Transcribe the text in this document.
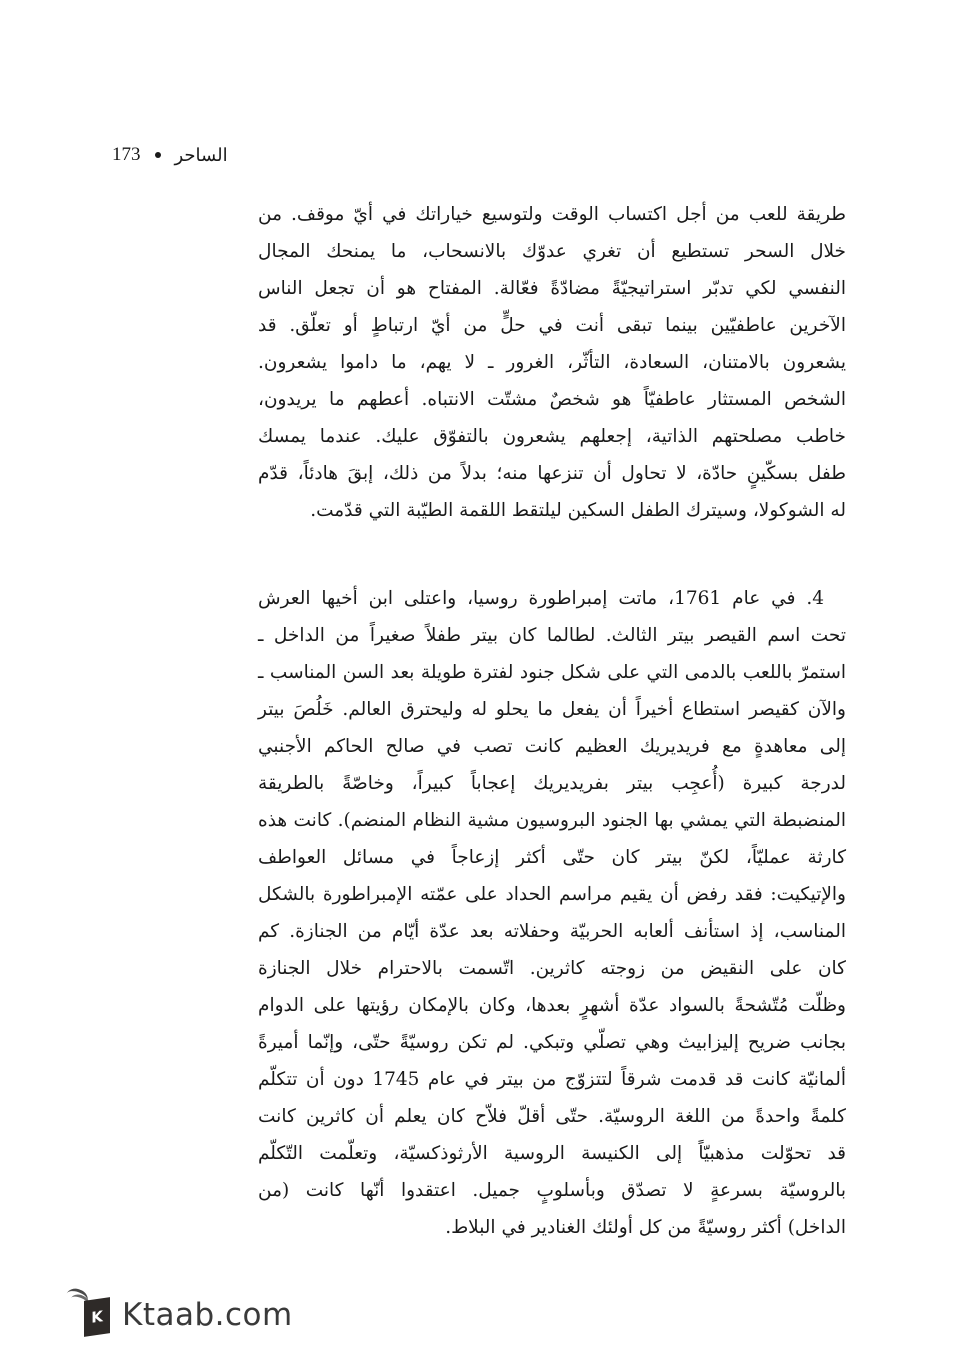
173 الساحر
طريقة للعب من أجل اكتساب الوقت ولتوسيع خياراتك في أيّ موقف. من
خلال السحر تستطيع أن تغري عدوّك بالانسحاب، ما يمنحك المجال
النفسي لكي تدبّر استراتيجيّةً مضادّةً فعّالة. المفتاح هو أن تجعل الناس
الآخرين عاطفيّين بينما تبقى أنت في حلٍّ من أيّ ارتباطٍ أو تعلّق. قد
يشعرون بالامتنان، السعادة، التأثّر، الغرور ـ لا يهم، ما داموا يشعرون.
الشخص المستثار عاطفيّاً هو شخصٌ مشتّت الانتباه. أعطهم ما يريدون،
خاطب مصلحتهم الذاتية، إجعلهم يشعرون بالتفوّق عليك. عندما يمسك
طفل بسكّينٍ حادّة، لا تحاول أن تنزعها منه؛ بدلاً من ذلك، إبقَ هادئاً، قدّم
له الشوكولا، وسيترك الطفل السكين ليلتقط اللقمة الطيّبة التي قدّمت.
4. في عام 1761، ماتت إمبراطورة روسيا، واعتلى ابن أخيها العرش
تحت اسم القيصر بيتر الثالث. لطالما كان بيتر طفلاً صغيراً من الداخل ـ
استمرّ باللعب بالدمى التي على شكل جنود لفترة طويلة بعد السن المناسب ـ
والآن كقيصر استطاع أخيراً أن يفعل ما يحلو له وليحترق العالم. خَلُصَ بيتر
إلى معاهدةٍ مع فريديريك العظيم كانت تصب في صالح الحاكم الأجنبي
لدرجة كبيرة (أُعجِب بيتر بفريديريك إعجاباً كبيراً، وخاصّةً بالطريقة
المنضبطة التي يمشي بها الجنود البروسيون مشية النظام المنضم). كانت هذه
كارثة عمليّاً، لكنّ بيتر كان حتّى أكثر إزعاجاً في مسائل العواطف
والإتيكيت: فقد رفض أن يقيم مراسم الحداد على عمّته الإمبراطورة بالشكل
المناسب، إذ استأنف ألعابه الحربيّة وحفلاته بعد عدّة أيّام من الجنازة. كم
كان على النقيض من زوجته كاثرين. اتّسمت بالاحترام خلال الجنازة
وظلّت مُتّشحةً بالسواد عدّة أشهرٍ بعدها، وكان بالإمكان رؤيتها على الدوام
بجانب ضريح إليزابيث وهي تصلّي وتبكي. لم تكن روسيّةً حتّى، وإنّما أميرةً
ألمانيّة كانت قد قدمت شرقاً لتتزوّج من بيتر في عام 1745 دون أن تتكلّم
كلمةً واحدةً من اللغة الروسيّة. حتّى أقلّ فلاّح كان يعلم أن كاثرين كانت
قد تحوّلت مذهبيّاً إلى الكنيسة الروسية الأرثوذكسيّة، وتعلّمت التّكلّم
بالروسيّة بسرعةٍ لا تصدّق وبأسلوبٍ جميل. اعتقدوا أنّها كانت (من
الداخل) أكثر روسيّةً من كل أولئك الغنادير في البلاط.
K Ktaab.com
